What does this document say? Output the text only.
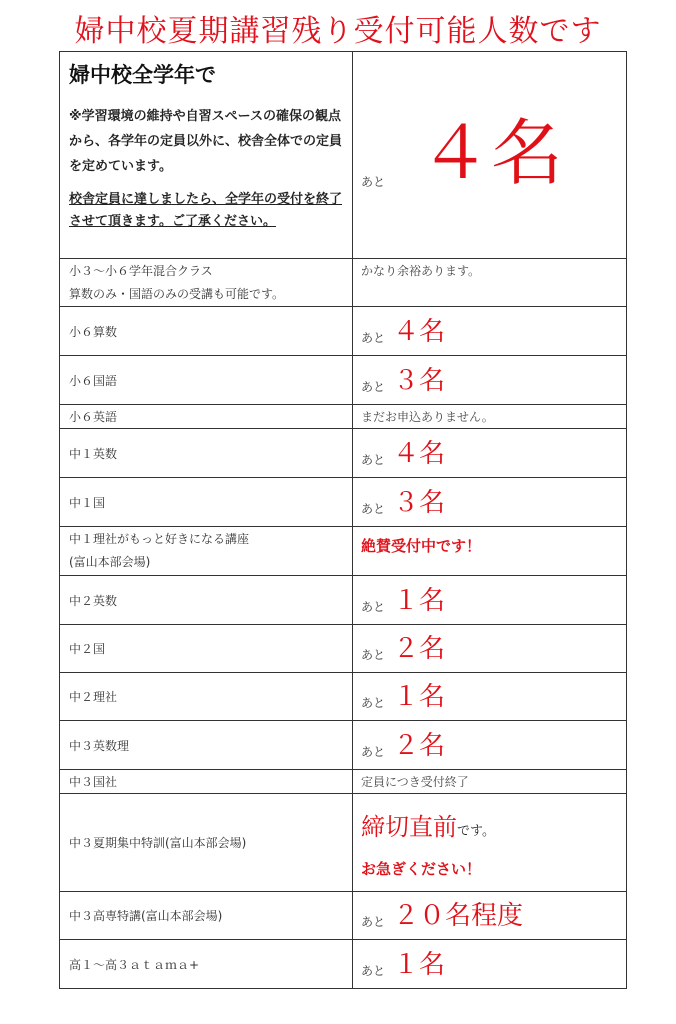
婦中校夏期講習残り受付可能人数です
婦中校全学年で
※学習環境の維持や自習スペースの確保の観点から、各学年の定員以外に、校舎全体での定員を定めています。
校舎定員に達しましたら、全学年の受付を終了させて頂きます。ご了承ください。	あと ４名
小３〜小６学年混合クラス
算数のみ・国語のみの受講も可能です。	かなり余裕あります。
小６算数	あと ４名
小６国語	あと ３名
小６英語	まだお申込ありません。
中１英数	あと ４名
中１国	あと ３名
中１理社がもっと好きになる講座
(富山本部会場)	絶賛受付中です！
中２英数	あと １名
中２国	あと ２名
中２理社	あと １名
中３英数理	あと ２名
中３国社	定員につき受付終了
中３夏期集中特訓(富山本部会場)	締切直前です。
お急ぎください！

中３高専特講(富山本部会場)	あと ２０名程度
高１〜高３ａｔａｍａ+	あと １名
